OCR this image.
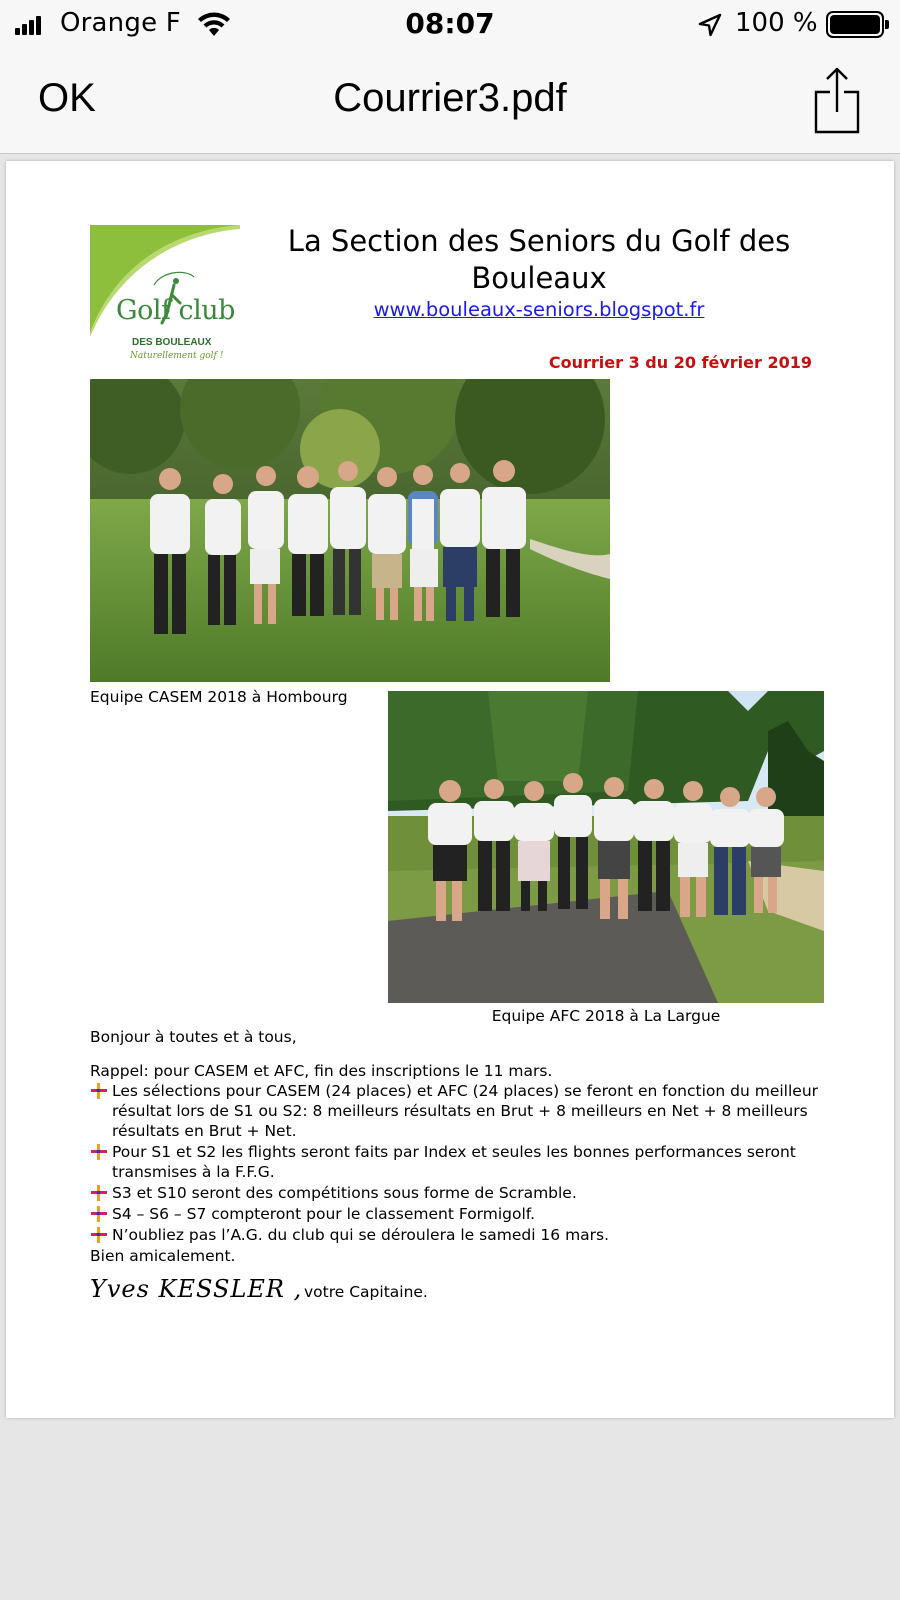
Orange F	08:07	100 %
OK	Courrier3.pdf
Golf club
DES BOULEAUX
Naturellement golf !
La Section des Seniors du Golf des Bouleaux
www.bouleaux-seniors.blogspot.fr
Courrier 3 du 20 février 2019
Equipe CASEM 2018 à Hombourg
Equipe AFC 2018 à La Largue
Bonjour à toutes et à tous,
Rappel: pour CASEM et AFC, fin des inscriptions le 11 mars.
Les sélections pour CASEM (24 places) et AFC (24 places) se feront en fonction du meilleur résultat lors de S1 ou S2: 8 meilleurs résultats en Brut + 8 meilleurs en Net + 8 meilleurs résultats en Brut + Net.
Pour S1 et S2 les flights seront faits par Index et seules les bonnes performances seront transmises à la F.F.G.
S3 et S10 seront des compétitions sous forme de Scramble.
S4 – S6 – S7 compteront pour le classement Formigolf.
N’oubliez pas l’A.G. du club qui se déroulera le samedi 16 mars.
Bien amicalement.
Yves KESSLER , votre Capitaine.
